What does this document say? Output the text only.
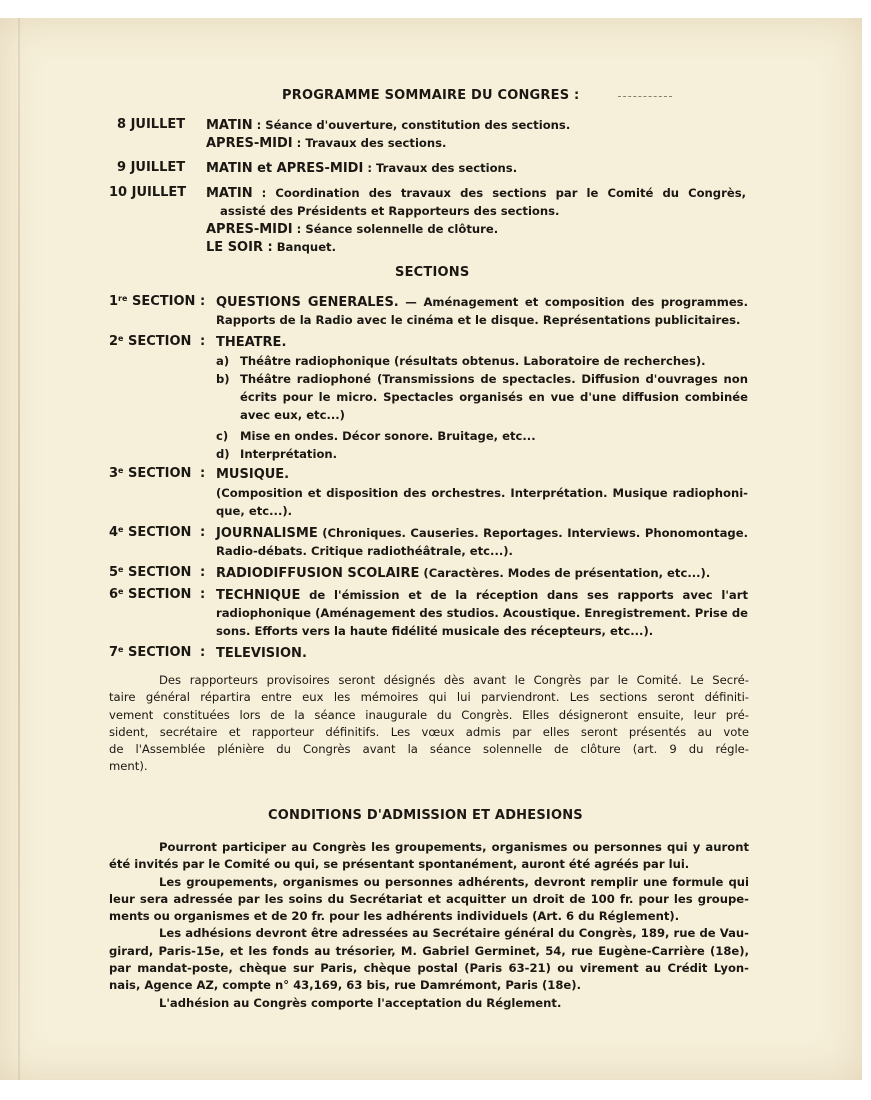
PROGRAMME SOMMAIRE DU CONGRES :
8 JUILLET MATIN : Séance d'ouverture, constitution des sections.
APRES-MIDI : Travaux des sections.
9 JUILLET MATIN et APRES-MIDI : Travaux des sections.
10 JUILLET MATIN : Coordination des travaux des sections par le Comité du Congrès,
assisté des Présidents et Rapporteurs des sections.
APRES-MIDI : Séance solennelle de clôture.
LE SOIR : Banquet.
SECTIONS
1re SECTION : QUESTIONS GENERALES. — Aménagement et composition des programmes.
Rapports de la Radio avec le cinéma et le disque. Représentations publicitaires.
2e SECTION : THEATRE.
a) Théâtre radiophonique (résultats obtenus. Laboratoire de recherches).
b) Théâtre radiophoné (Transmissions de spectacles. Diffusion d'ouvrages non
écrits pour le micro. Spectacles organisés en vue d'une diffusion combinée
avec eux, etc...)
c) Mise en ondes. Décor sonore. Bruitage, etc...
d) Interprétation.
3e SECTION : MUSIQUE.
(Composition et disposition des orchestres. Interprétation. Musique radiophoni-
que, etc...).
4e SECTION : JOURNALISME (Chroniques. Causeries. Reportages. Interviews. Phonomontage.
Radio-débats. Critique radiothéâtrale, etc...).
5e SECTION : RADIODIFFUSION SCOLAIRE (Caractères. Modes de présentation, etc...).
6e SECTION : TECHNIQUE de l'émission et de la réception dans ses rapports avec l'art
radiophonique (Aménagement des studios. Acoustique. Enregistrement. Prise de
sons. Efforts vers la haute fidélité musicale des récepteurs, etc...).
7e SECTION : TELEVISION.
Des rapporteurs provisoires seront désignés dès avant le Congrès par le Comité. Le Secré-
taire général répartira entre eux les mémoires qui lui parviendront. Les sections seront définiti-
vement constituées lors de la séance inaugurale du Congrès. Elles désigneront ensuite, leur pré-
sident, secrétaire et rapporteur définitifs. Les vœux admis par elles seront présentés au vote
de l'Assemblée plénière du Congrès avant la séance solennelle de clôture (art. 9 du régle-
ment).
CONDITIONS D'ADMISSION ET ADHESIONS
Pourront participer au Congrès les groupements, organismes ou personnes qui y auront
été invités par le Comité ou qui, se présentant spontanément, auront été agréés par lui.
Les groupements, organismes ou personnes adhérents, devront remplir une formule qui
leur sera adressée par les soins du Secrétariat et acquitter un droit de 100 fr. pour les groupe-
ments ou organismes et de 20 fr. pour les adhérents individuels (Art. 6 du Réglement).
Les adhésions devront être adressées au Secrétaire général du Congrès, 189, rue de Vau-
girard, Paris-15e, et les fonds au trésorier, M. Gabriel Germinet, 54, rue Eugène-Carrière (18e),
par mandat-poste, chèque sur Paris, chèque postal (Paris 63-21) ou virement au Crédit Lyon-
nais, Agence AZ, compte n° 43,169, 63 bis, rue Damrémont, Paris (18e).
L'adhésion au Congrès comporte l'acceptation du Réglement.
